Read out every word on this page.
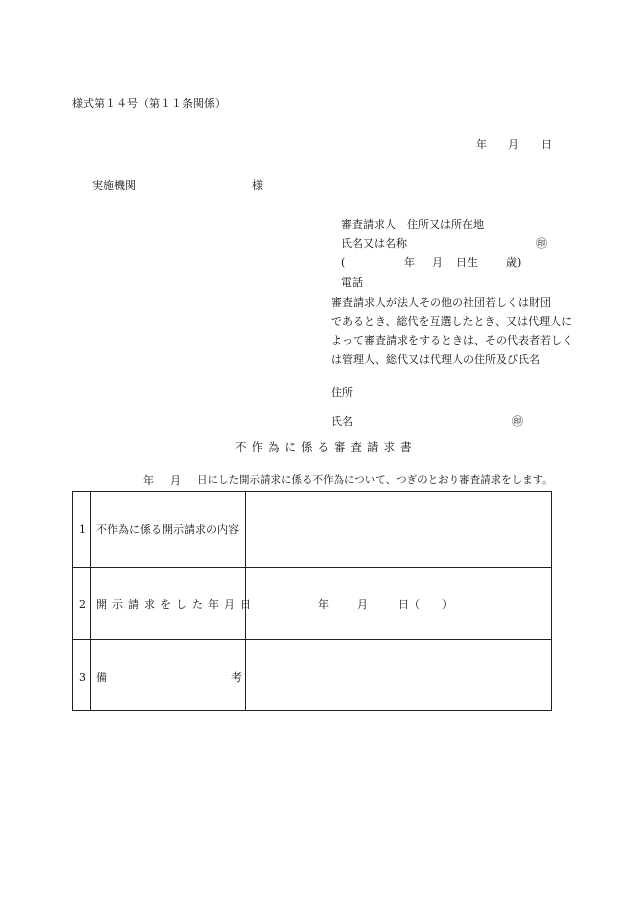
様式第１４号（第１１条関係）
年 月 日
実施機関	様
審査請求人　住所又は所在地
氏名又は名称	㊞
(	年 月 日生	歳)
電話
審査請求人が法人その他の社団若しくは財団
であるとき、総代を互選したとき、又は代理人に
よって審査請求をするときは、その代表者若しく
は管理人、総代又は代理人の住所及び氏名
住所
氏名	㊞
不作為に係る審査請求書
年 月 日にした開示請求に係る不作為について、つぎのとおり審査請求をします。
1 不作為に係る開示請求の内容
2 開示請求をした年月日	年	月	日（　　）
3 備	考
